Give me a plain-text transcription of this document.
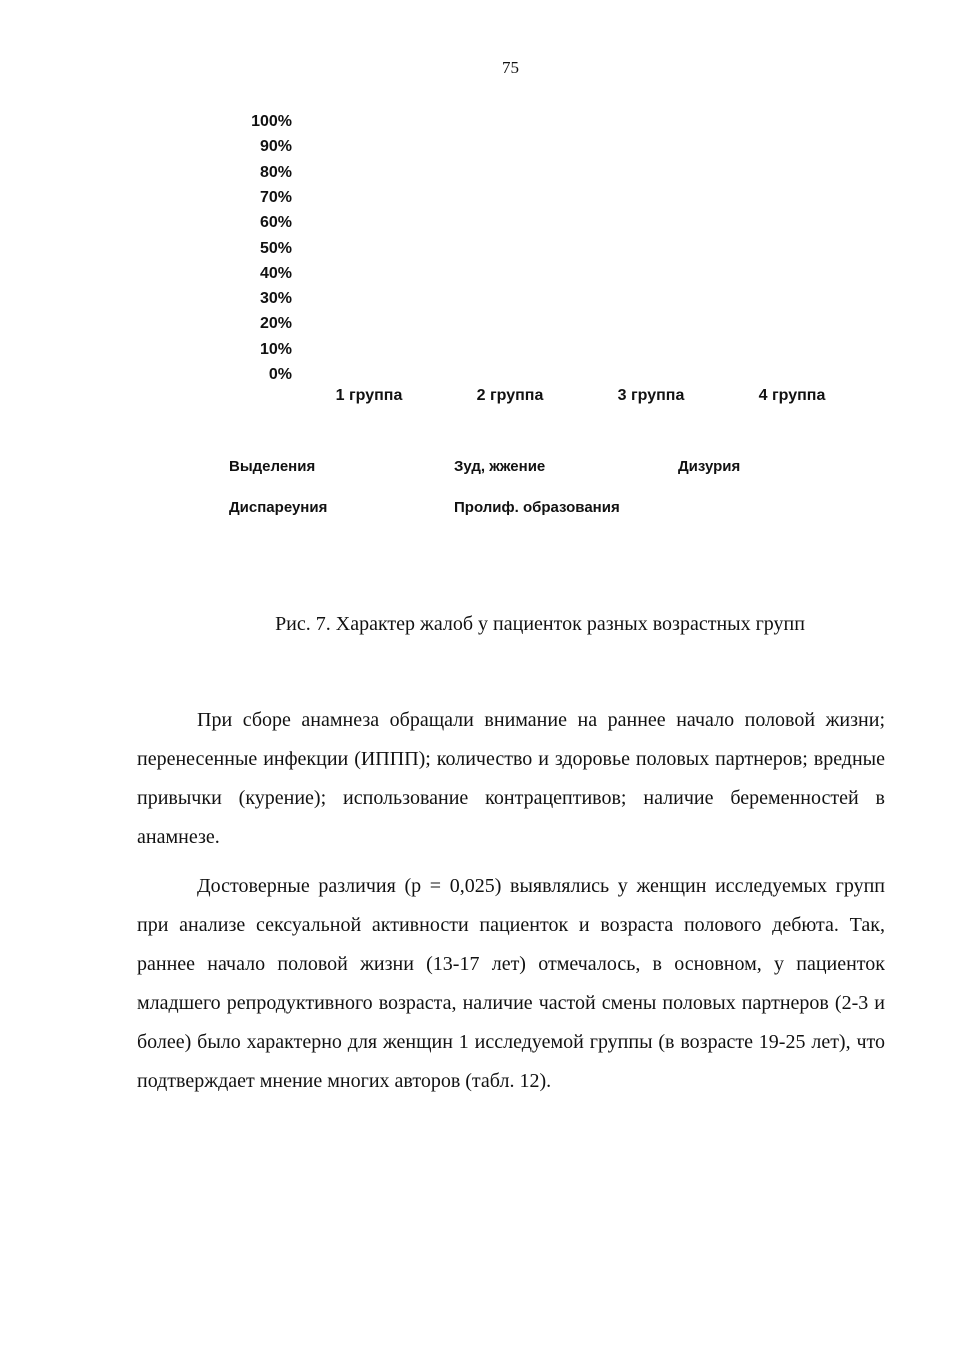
75
100%
90%
80%
70%
60%
50%
40%
30%
20%
10%
0%
1 группа	2 группа	3 группа	4 группа
Выделения	Зуд, жжение	Дизурия
Диспареуния	Пролиф. образования
Рис. 7. Характер жалоб у пациенток разных возрастных групп

При сборе анамнеза обращали внимание на раннее начало половой жизни; перенесенные инфекции (ИППП); количество и здоровье половых партнеров; вредные привычки (курение); использование контрацептивов; наличие беременностей в анамнезе.

Достоверные различия (р = 0,025) выявлялись у женщин исследуемых групп при анализе сексуальной активности пациенток и возраста полового дебюта. Так, раннее начало половой жизни (13-17 лет) отмечалось, в основном, у пациенток младшего репродуктивного возраста, наличие частой смены половых партнеров (2-3 и более) было характерно для женщин 1 исследуемой группы (в возрасте 19-25 лет), что подтверждает мнение многих авторов (табл. 12).
